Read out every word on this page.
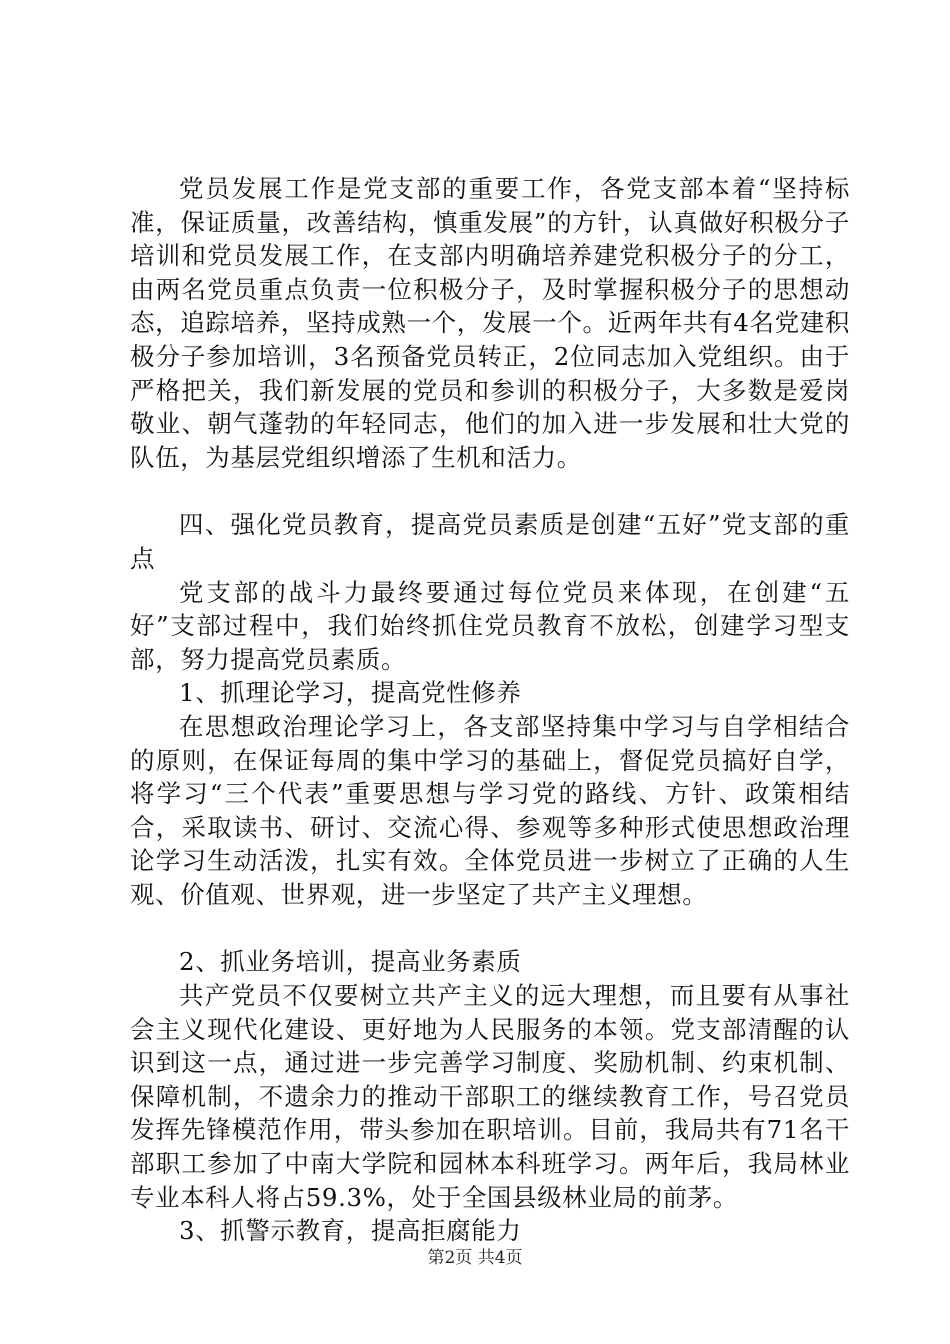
党员发展工作是党支部的重要工作，各党支部本着“坚持标准，保证质量，改善结构，慎重发展”的方针，认真做好积极分子培训和党员发展工作，在支部内明确培养建党积极分子的分工，由两名党员重点负责一位积极分子，及时掌握积极分子的思想动态，追踪培养，坚持成熟一个，发展一个。近两年共有4名党建积极分子参加培训，3名预备党员转正，2位同志加入党组织。由于严格把关，我们新发展的党员和参训的积极分子，大多数是爱岗敬业、朝气蓬勃的年轻同志，他们的加入进一步发展和壮大党的队伍，为基层党组织增添了生机和活力。

四、强化党员教育，提高党员素质是创建“五好”党支部的重点

党支部的战斗力最终要通过每位党员来体现，在创建“五好”支部过程中，我们始终抓住党员教育不放松，创建学习型支部，努力提高党员素质。

1、抓理论学习，提高党性修养

在思想政治理论学习上，各支部坚持集中学习与自学相结合的原则，在保证每周的集中学习的基础上，督促党员搞好自学，将学习“三个代表”重要思想与学习党的路线、方针、政策相结合，采取读书、研讨、交流心得、参观等多种形式使思想政治理论学习生动活泼，扎实有效。全体党员进一步树立了正确的人生观、价值观、世界观，进一步坚定了共产主义理想。

2、抓业务培训，提高业务素质

共产党员不仅要树立共产主义的远大理想，而且要有从事社会主义现代化建设、更好地为人民服务的本领。党支部清醒的认识到这一点，通过进一步完善学习制度、奖励机制、约束机制、保障机制，不遗余力的推动干部职工的继续教育工作，号召党员发挥先锋模范作用，带头参加在职培训。目前，我局共有71名干部职工参加了中南大学院和园林本科班学习。两年后，我局林业专业本科人将占59.3%，处于全国县级林业局的前茅。

3、抓警示教育，提高拒腐能力

第2页 共4页
